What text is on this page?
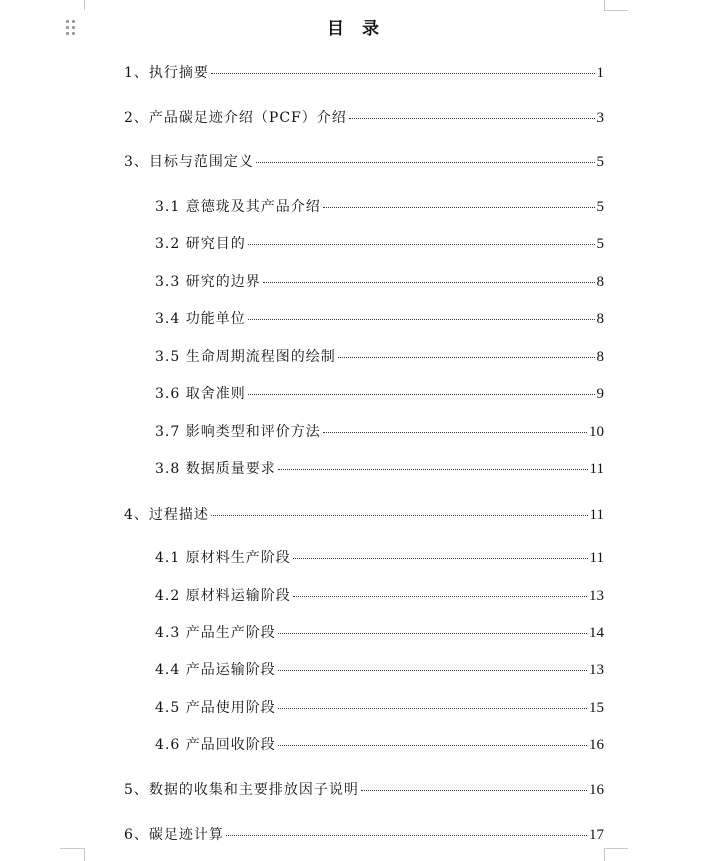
目 录
1、执行摘要	1
2、产品碳足迹介绍（PCF）介绍	3
3、目标与范围定义	5
3.1 意德珑及其产品介绍	5
3.2 研究目的	5
3.3 研究的边界	8
3.4 功能单位	8
3.5 生命周期流程图的绘制	8
3.6 取舍准则	9
3.7 影响类型和评价方法	10
3.8 数据质量要求	11
4、过程描述	11
4.1 原材料生产阶段	11
4.2 原材料运输阶段	13
4.3 产品生产阶段	14
4.4 产品运输阶段	13
4.5 产品使用阶段	15
4.6 产品回收阶段	16
5、数据的收集和主要排放因子说明	16
6、碳足迹计算	17
